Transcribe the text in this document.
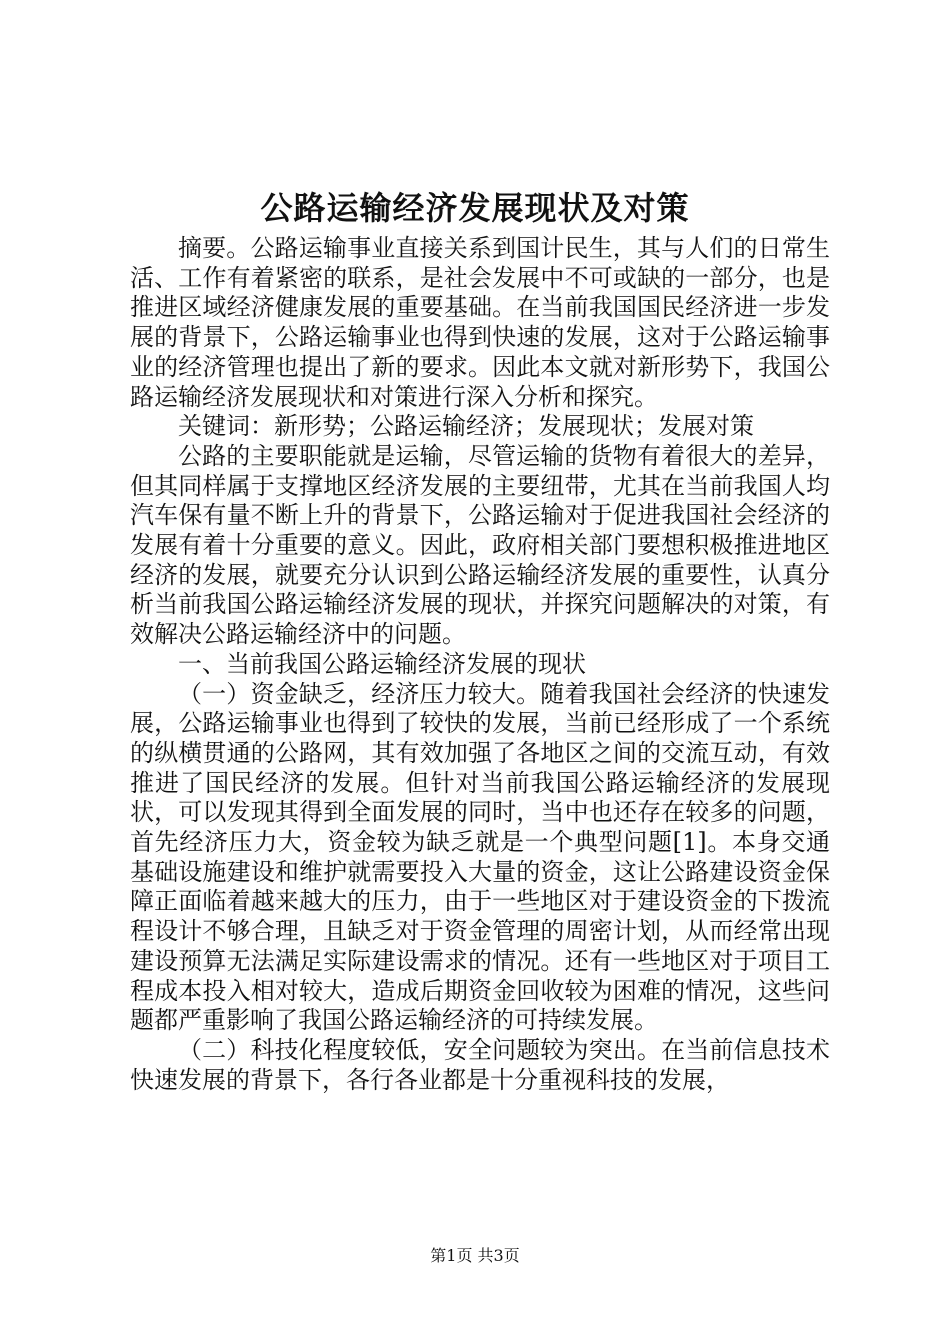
公路运输经济发展现状及对策

摘要。公路运输事业直接关系到国计民生，其与人们的日常生活、工作有着紧密的联系，是社会发展中不可或缺的一部分，也是推进区域经济健康发展的重要基础。在当前我国国民经济进一步发展的背景下，公路运输事业也得到快速的发展，这对于公路运输事业的经济管理也提出了新的要求。因此本文就对新形势下，我国公路运输经济发展现状和对策进行深入分析和探究。

关键词：新形势；公路运输经济；发展现状；发展对策

公路的主要职能就是运输，尽管运输的货物有着很大的差异，但其同样属于支撑地区经济发展的主要纽带，尤其在当前我国人均汽车保有量不断上升的背景下，公路运输对于促进我国社会经济的发展有着十分重要的意义。因此，政府相关部门要想积极推进地区经济的发展，就要充分认识到公路运输经济发展的重要性，认真分析当前我国公路运输经济发展的现状，并探究问题解决的对策，有效解决公路运输经济中的问题。

一、当前我国公路运输经济发展的现状

（一）资金缺乏，经济压力较大。随着我国社会经济的快速发展，公路运输事业也得到了较快的发展，当前已经形成了一个系统的纵横贯通的公路网，其有效加强了各地区之间的交流互动，有效推进了国民经济的发展。但针对当前我国公路运输经济的发展现状，可以发现其得到全面发展的同时，当中也还存在较多的问题，首先经济压力大，资金较为缺乏就是一个典型问题[1]。本身交通基础设施建设和维护就需要投入大量的资金，这让公路建设资金保障正面临着越来越大的压力，由于一些地区对于建设资金的下拨流程设计不够合理，且缺乏对于资金管理的周密计划，从而经常出现建设预算无法满足实际建设需求的情况。还有一些地区对于项目工程成本投入相对较大，造成后期资金回收较为困难的情况，这些问题都严重影响了我国公路运输经济的可持续发展。

（二）科技化程度较低，安全问题较为突出。在当前信息技术快速发展的背景下，各行各业都是十分重视科技的发展，

第1页 共3页
